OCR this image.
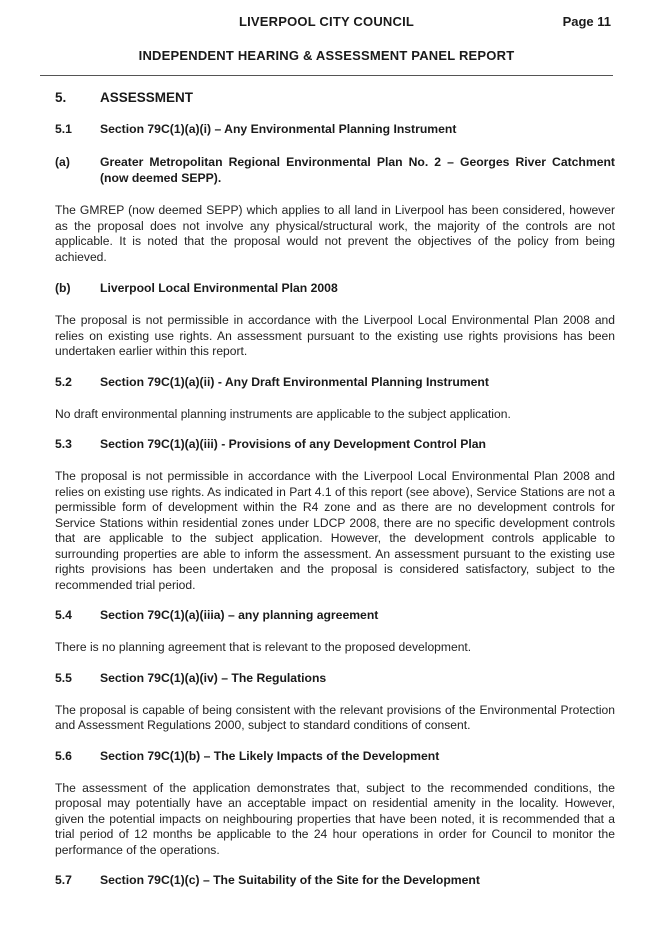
LIVERPOOL CITY COUNCIL	Page 11
INDEPENDENT HEARING & ASSESSMENT PANEL REPORT
5.	ASSESSMENT
5.1	Section 79C(1)(a)(i) – Any Environmental Planning Instrument
(a)	Greater Metropolitan Regional Environmental Plan No. 2 – Georges River Catchment (now deemed SEPP).
The GMREP (now deemed SEPP) which applies to all land in Liverpool has been considered, however as the proposal does not involve any physical/structural work, the majority of the controls are not applicable. It is noted that the proposal would not prevent the objectives of the policy from being achieved.
(b)	Liverpool Local Environmental Plan 2008
The proposal is not permissible in accordance with the Liverpool Local Environmental Plan 2008 and relies on existing use rights. An assessment pursuant to the existing use rights provisions has been undertaken earlier within this report.
5.2	Section 79C(1)(a)(ii) - Any Draft Environmental Planning Instrument
No draft environmental planning instruments are applicable to the subject application.
5.3	Section 79C(1)(a)(iii) - Provisions of any Development Control Plan
The proposal is not permissible in accordance with the Liverpool Local Environmental Plan 2008 and relies on existing use rights. As indicated in Part 4.1 of this report (see above), Service Stations are not a permissible form of development within the R4 zone and as there are no development controls for Service Stations within residential zones under LDCP 2008, there are no specific development controls that are applicable to the subject application. However, the development controls applicable to surrounding properties are able to inform the assessment. An assessment pursuant to the existing use rights provisions has been undertaken and the proposal is considered satisfactory, subject to the recommended trial period.
5.4	Section 79C(1)(a)(iiia) – any planning agreement
There is no planning agreement that is relevant to the proposed development.
5.5	Section 79C(1)(a)(iv) – The Regulations
The proposal is capable of being consistent with the relevant provisions of the Environmental Protection and Assessment Regulations 2000, subject to standard conditions of consent.
5.6	Section 79C(1)(b) – The Likely Impacts of the Development
The assessment of the application demonstrates that, subject to the recommended conditions, the proposal may potentially have an acceptable impact on residential amenity in the locality. However, given the potential impacts on neighbouring properties that have been noted, it is recommended that a trial period of 12 months be applicable to the 24 hour operations in order for Council to monitor the performance of the operations.
5.7	Section 79C(1)(c) – The Suitability of the Site for the Development
